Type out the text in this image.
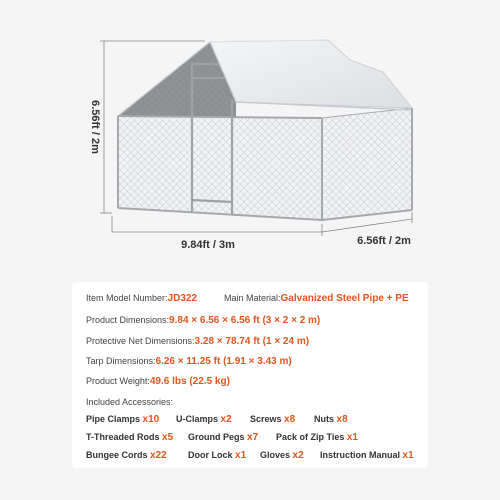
6.56ft / 2m
9.84ft / 3m	6.56ft / 2m
Item Model Number:JD322	Main Material:Galvanized Steel Pipe + PE
Product Dimensions:9.84 × 6.56 × 6.56 ft (3 × 2 × 2 m)
Protective Net Dimensions:3.28 × 78.74 ft (1 × 24 m)
Tarp Dimensions:6.26 × 11.25 ft (1.91 × 3.43 m)
Product Weight:49.6 lbs (22.5 kg)
Included Accessories:
Pipe Clamps x10 U-Clamps x2 Screws x8 Nuts x8
T-Threaded Rods x5 Ground Pegs x7 Pack of Zip Ties x1
Bungee Cords x22 Door Lock x1 Gloves x2 Instruction Manual x1
